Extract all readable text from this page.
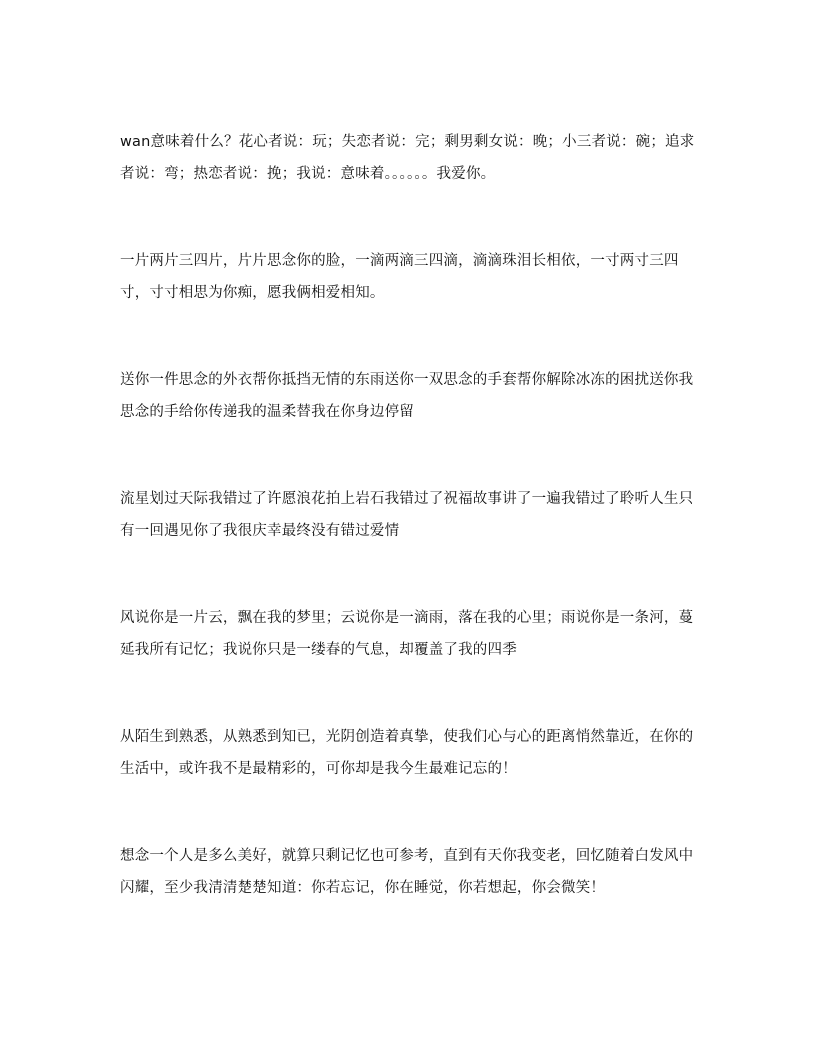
wan意味着什么？花心者说：玩；失恋者说：完；剩男剩女说：晚；小三者说：碗；追求者说：弯；热恋者说：挽；我说：意味着。。。。。。我爱你。

一片两片三四片，片片思念你的脸，一滴两滴三四滴，滴滴珠泪长相依，一寸两寸三四寸，寸寸相思为你痴，愿我俩相爱相知。

送你一件思念的外衣帮你抵挡无情的东雨送你一双思念的手套帮你解除冰冻的困扰送你我思念的手给你传递我的温柔替我在你身边停留

流星划过天际我错过了许愿浪花拍上岩石我错过了祝福故事讲了一遍我错过了聆听人生只有一回遇见你了我很庆幸最终没有错过爱情

风说你是一片云，飘在我的梦里；云说你是一滴雨，落在我的心里；雨说你是一条河，蔓延我所有记忆；我说你只是一缕春的气息，却覆盖了我的四季

从陌生到熟悉，从熟悉到知已，光阴创造着真挚，使我们心与心的距离悄然靠近，在你的生活中，或许我不是最精彩的，可你却是我今生最难记忘的！

想念一个人是多么美好，就算只剩记忆也可参考，直到有天你我变老，回忆随着白发风中闪耀，至少我清清楚楚知道：你若忘记，你在睡觉，你若想起，你会微笑！
